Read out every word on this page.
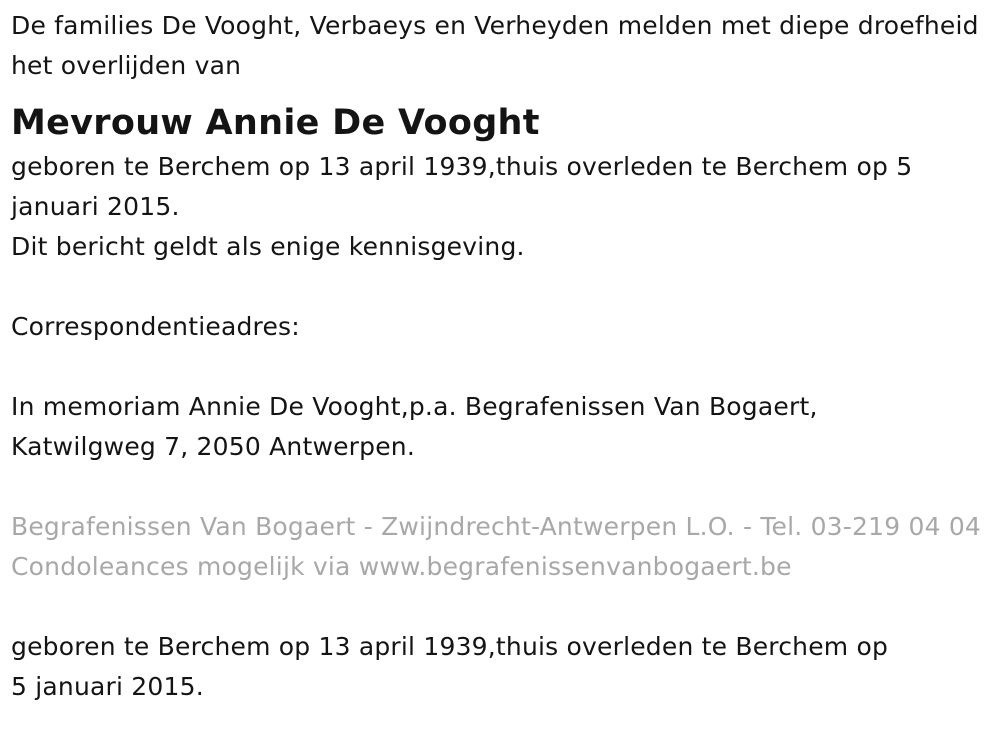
De families De Vooght, Verbaeys en Verheyden melden met diepe droefheid het overlijden van

Mevrouw Annie De Vooght

geboren te Berchem op 13 april 1939,thuis overleden te Berchem op 5 januari 2015.

Dit bericht geldt als enige kennisgeving.

Correspondentieadres:

In memoriam Annie De Vooght,p.a. Begrafenissen Van Bogaert, Katwilgweg 7, 2050 Antwerpen.

Begrafenissen Van Bogaert - Zwijndrecht-Antwerpen L.O. - Tel. 03-219 04 04 Condoleances mogelijk via www.begrafenissenvanbogaert.be

geboren te Berchem op 13 april 1939,thuis overleden te Berchem op 5 januari 2015.
